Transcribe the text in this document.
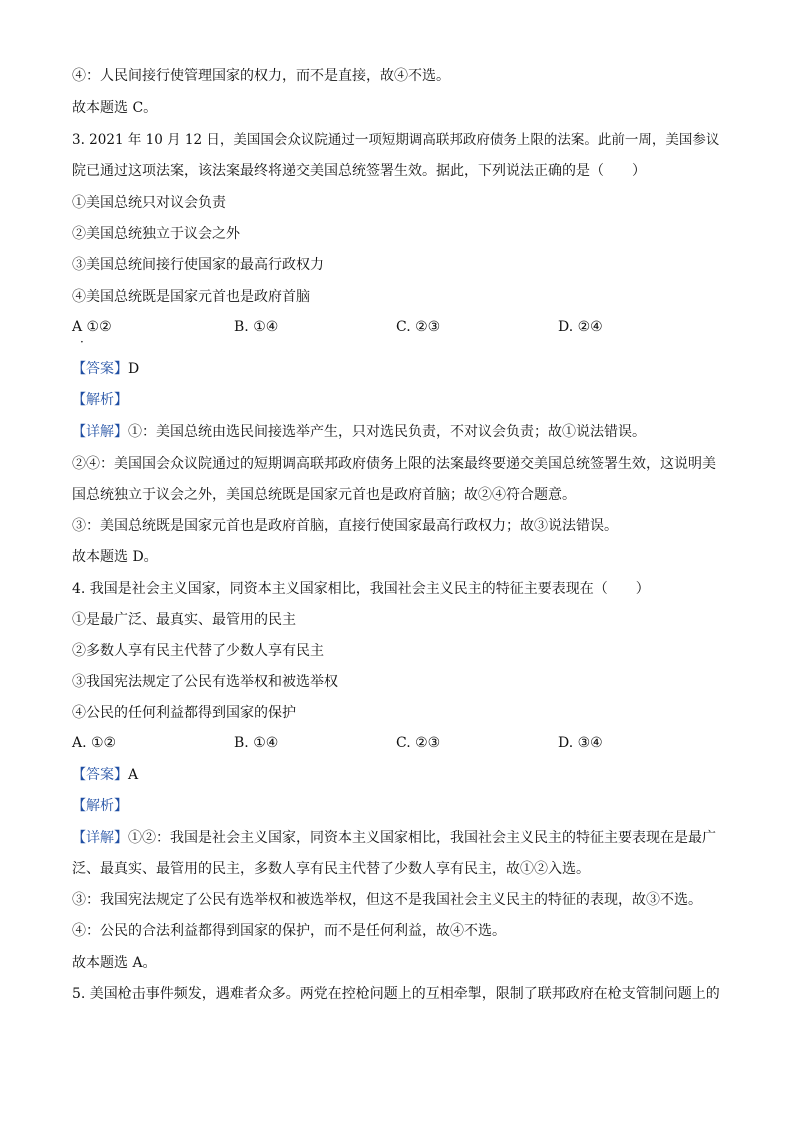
④：人民间接行使管理国家的权力，而不是直接，故④不选。
故本题选 C。
3. 2021 年 10 月 12 日，美国国会众议院通过一项短期调高联邦政府债务上限的法案。此前一周，美国参议
院已通过这项法案，该法案最终将递交美国总统签署生效。据此，下列说法正确的是（　　）
①美国总统只对议会负责
②美国总统独立于议会之外
③美国总统间接行使国家的最高行政权力
④美国总统既是国家元首也是政府首脑
A ①②
·
B. ①④	C. ②③	D. ②④
【答案】D
【解析】
【详解】①：美国总统由选民间接选举产生，只对选民负责，不对议会负责；故①说法错误。
②④：美国国会众议院通过的短期调高联邦政府债务上限的法案最终要递交美国总统签署生效，这说明美
国总统独立于议会之外，美国总统既是国家元首也是政府首脑；故②④符合题意。
③：美国总统既是国家元首也是政府首脑，直接行使国家最高行政权力；故③说法错误。
故本题选 D。
4. 我国是社会主义国家，同资本主义国家相比，我国社会主义民主的特征主要表现在（　　）
①是最广泛、最真实、最管用的民主
②多数人享有民主代替了少数人享有民主
③我国宪法规定了公民有选举权和被选举权
④公民的任何利益都得到国家的保护
A. ①②	B. ①④	C. ②③	D. ③④
【答案】A
【解析】
【详解】①②：我国是社会主义国家，同资本主义国家相比，我国社会主义民主的特征主要表现在是最广
泛、最真实、最管用的民主，多数人享有民主代替了少数人享有民主，故①②入选。
③：我国宪法规定了公民有选举权和被选举权，但这不是我国社会主义民主的特征的表现，故③不选。
④：公民的合法利益都得到国家的保护，而不是任何利益，故④不选。
故本题选 A。
5. 美国枪击事件频发，遇难者众多。两党在控枪问题上的互相牵掣，限制了联邦政府在枪支管制问题上的
